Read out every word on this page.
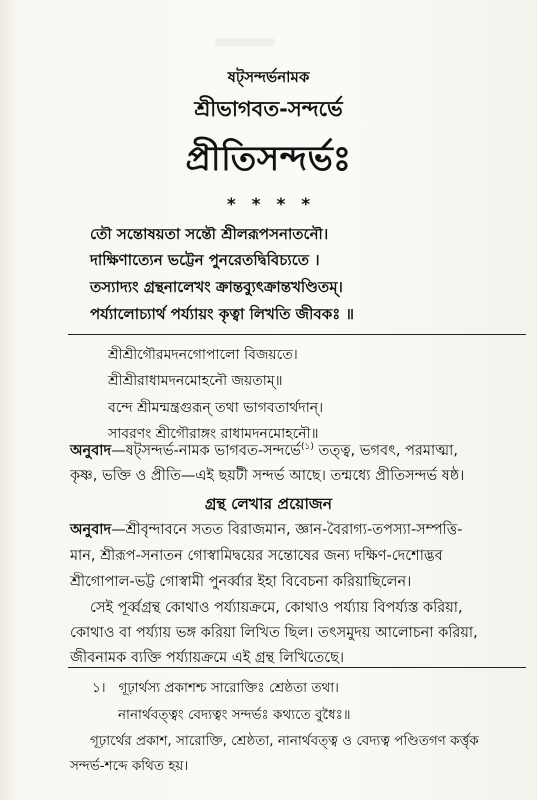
ষট্‌সন্দর্ভনামক
শ্রীভাগবত-সন্দর্ভে
প্রীতিসন্দর্ভঃ
* * * *
তৌ সন্তোষয়তা সন্তৌ শ্রীলরূপসনাতনৌ।
দাক্ষিণাত্যেন ভট্টেন পুনরেতদ্বিবিচ্যতে ।
তস্যাদ্যং গ্রন্থনালেখং ক্রান্তব্যুৎক্রান্তখণ্ডিতম্‌।
পর্য্যালোচ্যার্থ পর্য্যায়ং কৃত্বা লিখতি জীবকঃ ॥
শ্রীশ্রীগৌরমদনগোপালো বিজয়তে।
শ্রীশ্রীরাধামদনমোহনৌ জয়তাম্‌॥
বন্দে শ্রীমন্মন্ত্রগুরূন্‌ তথা ভাগবতার্থদান্‌।
সাবরণং শ্রীগৌরাঙ্গং রাধামদনমোহনৌ॥
অনুবাদ—ষট্‌সন্দর্ভ-নামক ভাগবত-সন্দর্ভে$^{(১)}$ তত্ত্ব, ভগবৎ, পরমাত্মা,
কৃষ্ণ, ভক্তি ও প্রীতি—এই ছয়টী সন্দর্ভ আছে। তন্মধ্যে প্রীতিসন্দর্ভ ষষ্ঠ।
গ্রন্থ লেখার প্রয়োজন
অনুবাদ—শ্রীবৃন্দাবনে সতত বিরাজমান, জ্ঞান-বৈরাগ্য-তপস্যা-সম্পত্তি-
মান, শ্রীরূপ-সনাতন গোস্বামিদ্বয়ের সন্তোষের জন্য দক্ষিণ-দেশোদ্ভব
শ্রীগোপাল-ভট্ট গোস্বামী পুনর্ব্বার ইহা বিবেচনা করিয়াছিলেন।
সেই পূর্ব্বগ্রন্থ কোথাও পর্য্যায়ক্রমে, কোথাও পর্য্যায় বিপর্য্যস্ত করিয়া,
কোথাও বা পর্য্যায় ভঙ্গ করিয়া লিখিত ছিল। তৎসমুদয় আলোচনা করিয়া,
জীবনামক ব্যক্তি পর্য্যায়ক্রমে এই গ্রন্থ লিখিতেছে।
১। গূঢ়ার্থস্য প্রকাশশ্চ সারোক্তিঃ শ্রেষ্ঠতা তথা।
নানার্থবত্ত্বং বেদ্যত্বং সন্দর্ভঃ কথ্যতে বুধৈঃ॥
গূঢ়ার্থের প্রকাশ, সারোক্তি, শ্রেষ্ঠতা, নানার্থবত্ত্ব ও বেদ্যত্ব পণ্ডিতগণ কর্ত্তৃক
সন্দর্ভ-শব্দে কথিত হয়।
